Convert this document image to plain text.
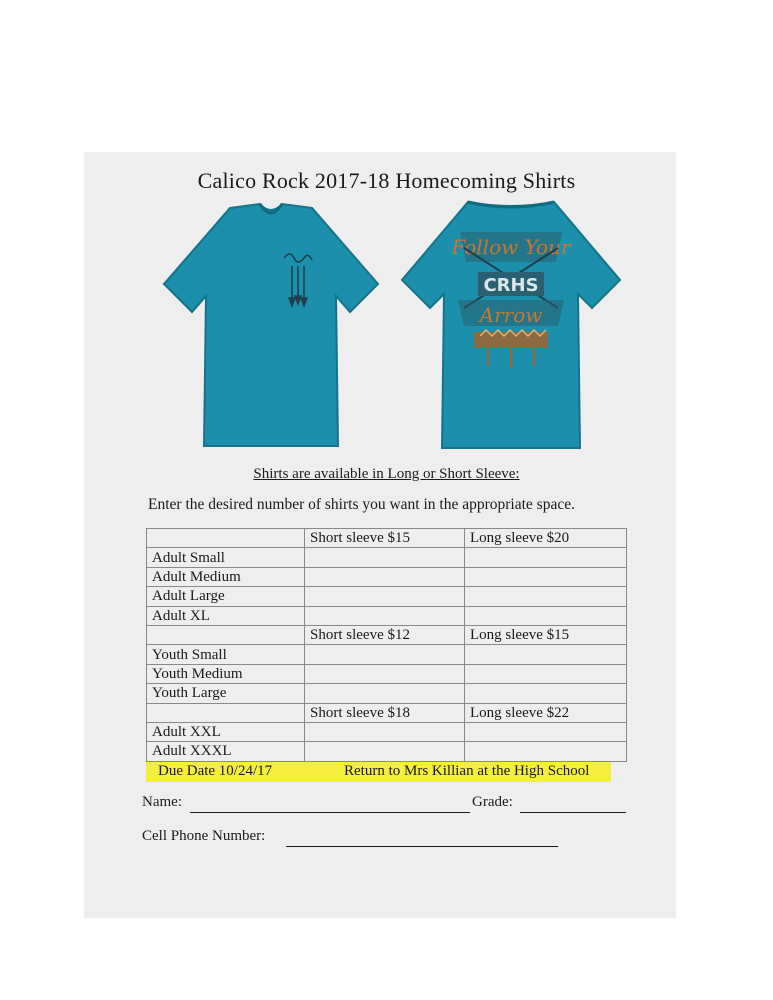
Calico Rock 2017-18 Homecoming Shirts
Follow Your
CRHS
Arrow
Shirts are available in Long or Short Sleeve:
Enter the desired number of shirts you want in the appropriate space.
	Short sleeve $15	Long sleeve $20
Adult Small		
Adult Medium		
Adult Large		
Adult XL		
	Short sleeve $12	Long sleeve $15
Youth Small		
Youth Medium		
Youth Large		
	Short sleeve $18	Long sleeve $22
Adult XXL		
Adult XXXL		
Due Date 10/24/17	Return to Mrs Killian at the High School
Name:	Grade:
Cell Phone Number:
